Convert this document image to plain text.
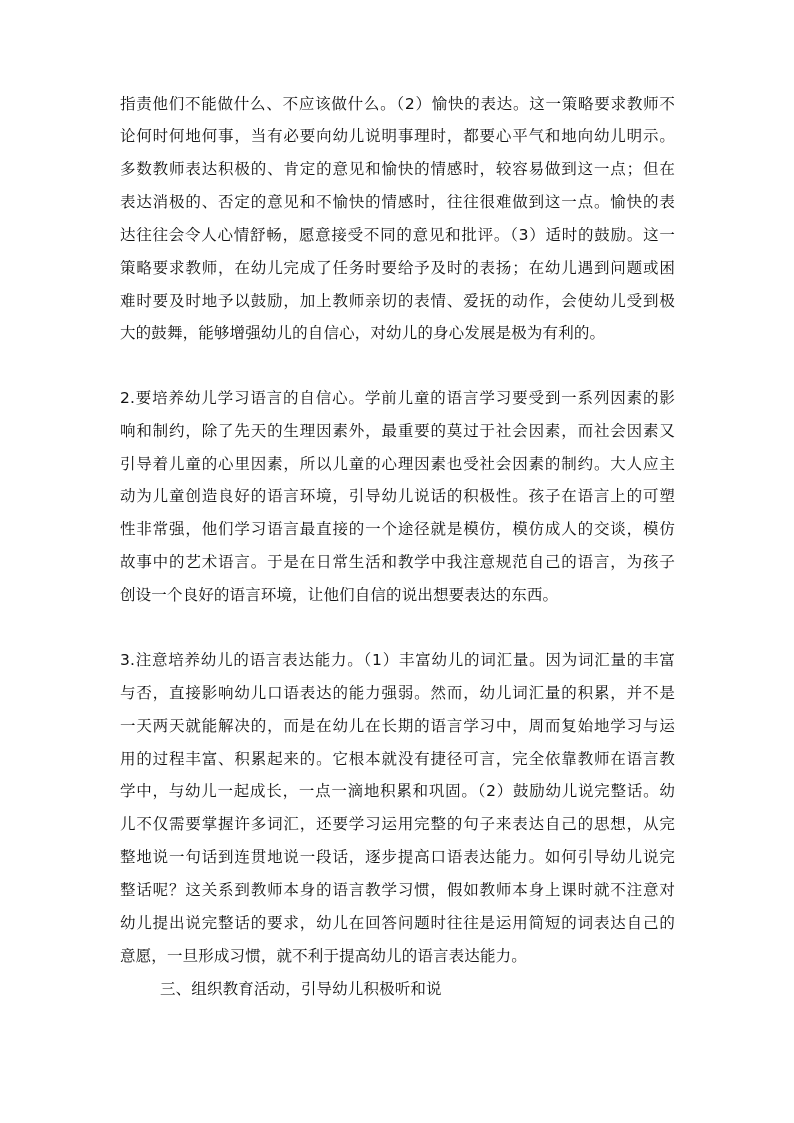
指责他们不能做什么、不应该做什么。（2）愉快的表达。这一策略要求教师不
论何时何地何事，当有必要向幼儿说明事理时，都要心平气和地向幼儿明示。
多数教师表达积极的、肯定的意见和愉快的情感时，较容易做到这一点；但在
表达消极的、否定的意见和不愉快的情感时，往往很难做到这一点。愉快的表
达往往会令人心情舒畅，愿意接受不同的意见和批评。（3）适时的鼓励。这一
策略要求教师，在幼儿完成了任务时要给予及时的表扬；在幼儿遇到问题或困
难时要及时地予以鼓励，加上教师亲切的表情、爱抚的动作，会使幼儿受到极
大的鼓舞，能够增强幼儿的自信心，对幼儿的身心发展是极为有利的。
2.要培养幼儿学习语言的自信心。学前儿童的语言学习要受到一系列因素的影
响和制约，除了先天的生理因素外，最重要的莫过于社会因素，而社会因素又
引导着儿童的心里因素，所以儿童的心理因素也受社会因素的制约。大人应主
动为儿童创造良好的语言环境，引导幼儿说话的积极性。孩子在语言上的可塑
性非常强，他们学习语言最直接的一个途径就是模仿，模仿成人的交谈，模仿
故事中的艺术语言。于是在日常生活和教学中我注意规范自己的语言，为孩子
创设一个良好的语言环境，让他们自信的说出想要表达的东西。
3.注意培养幼儿的语言表达能力。（1）丰富幼儿的词汇量。因为词汇量的丰富
与否，直接影响幼儿口语表达的能力强弱。然而，幼儿词汇量的积累，并不是
一天两天就能解决的，而是在幼儿在长期的语言学习中，周而复始地学习与运
用的过程丰富、积累起来的。它根本就没有捷径可言，完全依靠教师在语言教
学中，与幼儿一起成长，一点一滴地积累和巩固。（2）鼓励幼儿说完整话。幼
儿不仅需要掌握许多词汇，还要学习运用完整的句子来表达自己的思想，从完
整地说一句话到连贯地说一段话，逐步提高口语表达能力。如何引导幼儿说完
整话呢？这关系到教师本身的语言教学习惯，假如教师本身上课时就不注意对
幼儿提出说完整话的要求，幼儿在回答问题时往往是运用简短的词表达自己的
意愿，一旦形成习惯，就不利于提高幼儿的语言表达能力。
三、组织教育活动，引导幼儿积极听和说
